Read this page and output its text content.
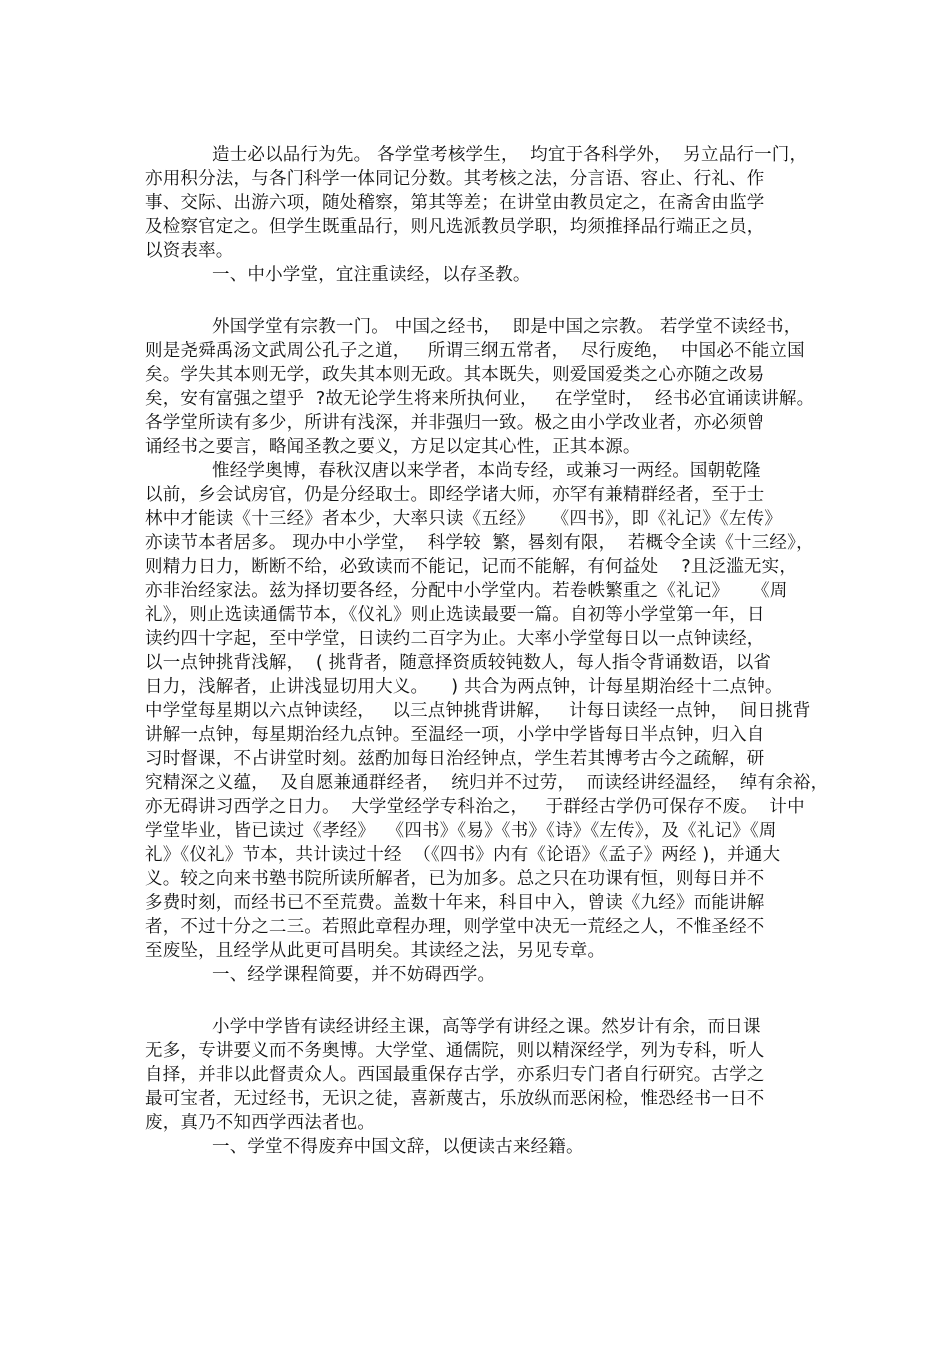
造士必以品行为先。 各学堂考核学生，  均宜于各科学外，  另立品行一门，
亦用积分法，与各门科学一体同记分数。其考核之法，分言语、容止、行礼、作
事、交际、出游六项，随处稽察，第其等差；在讲堂由教员定之，在斋舍由监学
及检察官定之。但学生既重品行，则凡选派教员学职，均须推择品行端正之员，
以资表率。
一、中小学堂，宜注重读经，以存圣教。
外国学堂有宗教一门。 中国之经书，  即是中国之宗教。 若学堂不读经书，
则是尧舜禹汤文武周公孔子之道，   所谓三纲五常者，  尽行废绝，  中国必不能立国
矣。学失其本则无学，政失其本则无政。其本既失，则爱国爱类之心亦随之改易
矣，安有富强之望乎  ?故无论学生将来所执何业，   在学堂时，  经书必宜诵读讲解。
各学堂所读有多少，所讲有浅深，并非强归一致。极之由小学改业者，亦必须曾
诵经书之要言，略闻圣教之要义，方足以定其心性，正其本源。
惟经学奥博，春秋汉唐以来学者，本尚专经，或兼习一两经。国朝乾隆
以前，乡会试房官，仍是分经取士。即经学诸大师，亦罕有兼精群经者，至于士
林中才能读《十三经》者本少，大率只读《五经》   《四书》，即《礼记》《左传》
亦读节本者居多。 现办中小学堂，  科学较  繁，晷刻有限，  若概令全读《十三经》，
则精力日力，断断不给，必致读而不能记，记而不能解，有何益处    ?且泛滥无实，
亦非治经家法。兹为择切要各经，分配中小学堂内。若卷帙繁重之《礼记》    《周
礼》，则止选读通儒节本，《仪礼》则止选读最要一篇。自初等小学堂第一年，日
读约四十字起，至中学堂，日读约二百字为止。大率小学堂每日以一点钟读经，
以一点钟挑背浅解，  ( 挑背者，随意择资质较钝数人，每人指令背诵数语，以省
日力，浅解者，止讲浅显切用大义。    ) 共合为两点钟，计每星期治经十二点钟。
中学堂每星期以六点钟读经，   以三点钟挑背讲解，   计每日读经一点钟，  间日挑背
讲解一点钟，每星期治经九点钟。至温经一项，小学中学皆每日半点钟，归入自
习时督课，不占讲堂时刻。兹酌加每日治经钟点，学生若其博考古今之疏解，研
究精深之义蕴，  及自愿兼通群经者，  统归并不过劳，  而读经讲经温经，  绰有余裕，
亦无碍讲习西学之日力。  大学堂经学专科治之，   于群经古学仍可保存不废。  计中
学堂毕业，皆已读过《孝经》  《四书》《易》《书》《诗》《左传》，及《礼记》《周
礼》《仪礼》节本，共计读过十经  （《四书》内有《论语》《孟子》两经 )，并通大
义。较之向来书塾书院所读所解者，已为加多。总之只在功课有恒，则每日并不
多费时刻，而经书已不至荒费。盖数十年来，科目中入，曾读《九经》而能讲解
者，不过十分之二三。若照此章程办理，则学堂中决无一荒经之人，不惟圣经不
至废坠，且经学从此更可昌明矣。其读经之法，另见专章。
一、经学课程简要，并不妨碍西学。
小学中学皆有读经讲经主课，高等学有讲经之课。然岁计有余，而日课
无多，专讲要义而不务奥博。大学堂、通儒院，则以精深经学，列为专科，听人
自择，并非以此督责众人。西国最重保存古学，亦系归专门者自行研究。古学之
最可宝者，无过经书，无识之徒，喜新蔑古，乐放纵而恶闲检，惟恐经书一日不
废，真乃不知西学西法者也。
一、学堂不得废弃中国文辞，以便读古来经籍。
